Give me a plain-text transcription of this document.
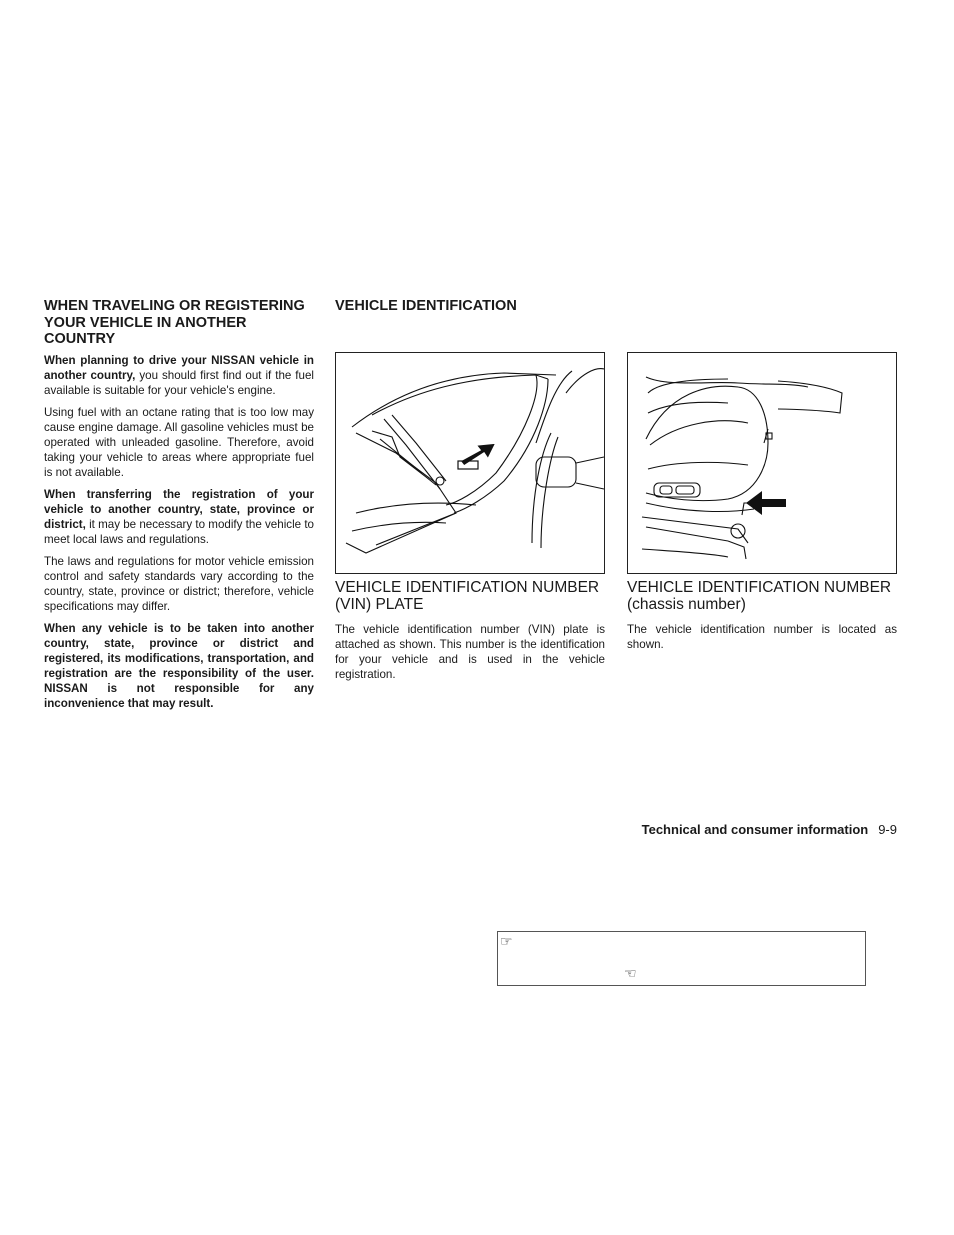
WHEN TRAVELING OR REGISTERING YOUR VEHICLE IN ANOTHER COUNTRY

When planning to drive your NISSAN vehicle in another country, you should first find out if the fuel available is suitable for your vehicle's engine.

Using fuel with an octane rating that is too low may cause engine damage. All gasoline vehicles must be operated with unleaded gasoline. Therefore, avoid taking your vehicle to areas where appropriate fuel is not available.

When transferring the registration of your vehicle to another country, state, province or district, it may be necessary to modify the vehicle to meet local laws and regulations.

The laws and regulations for motor vehicle emission control and safety standards vary according to the country, state, province or district; therefore, vehicle specifications may differ.

When any vehicle is to be taken into another country, state, province or district and registered, its modifications, transportation, and registration are the responsibility of the user. NISSAN is not responsible for any inconvenience that may result.

VEHICLE IDENTIFICATION
VEHICLE IDENTIFICATION NUMBER (VIN) PLATE

The vehicle identification number (VIN) plate is attached as shown. This number is the identification for your vehicle and is used in the vehicle registration.

VEHICLE IDENTIFICATION NUMBER
(chassis number)

The vehicle identification number is located as shown.

Technical and consumer information 9-9
☞
☜
